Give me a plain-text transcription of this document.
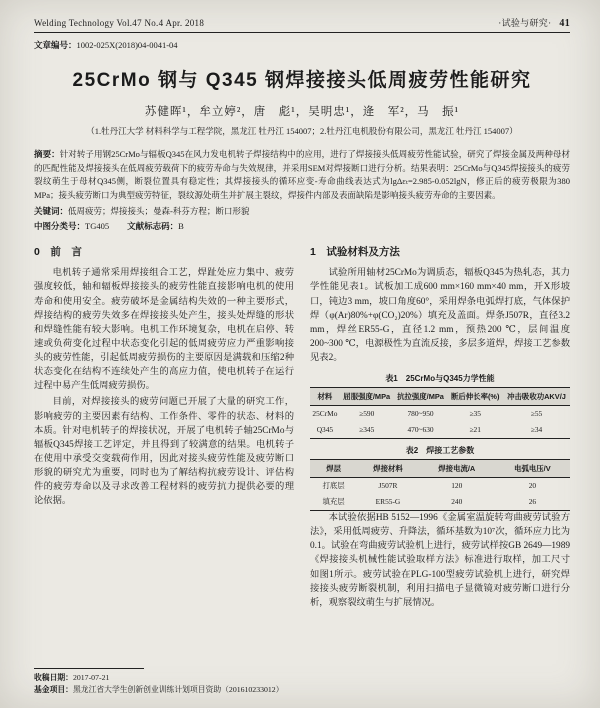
Welding Technology Vol.47 No.4 Apr. 2018	·试验与研究· 41
文章编号：1002-025X(2018)04-0041-04
25CrMo 钢与 Q345 钢焊接接头低周疲劳性能研究
苏健晖¹，牟立婷²，唐　彪¹，吴明忠¹，逄　军²，马　振¹
（1.牡丹江大学 材料科学与工程学院，黑龙江 牡丹江 154007；2.牡丹江电机股份有限公司，黑龙江 牡丹江 154007）

摘要：针对转子用钢25CrMo与辐板Q345在风力发电机转子焊接结构中的应用，进行了焊接接头低周疲劳性能试验，研究了焊接金属及两种母材的匹配性能及焊接接头在低周疲劳载荷下的疲劳寿命与失效规律，并采用SEM对焊接断口进行分析。结果表明：25CrMo与Q345焊接接头的疲劳裂纹萌生于母材Q345侧，断裂位置具有稳定性；其焊接接头的循环应变-寿命曲线表达式为lgΔεₜ=2.985-0.052lgN，修正后的疲劳极限为380 MPa；接头疲劳断口为典型疲劳特征，裂纹源处萌生并扩展主裂纹，焊接件内部及表面缺陷是影响接头疲劳寿命的主要因素。

关键词：低周疲劳；焊接接头；曼森-科芬方程；断口形貌

中图分类号：TG405 文献标志码：B

0　前　言

电机转子通常采用焊接组合工艺，焊趾处应力集中、疲劳强度较低，轴和辐板焊接接头的疲劳性能直接影响电机的使用寿命和使用安全。疲劳破坏是金属结构失效的一种主要形式，焊接结构的疲劳失效多在焊接接头处产生，接头处焊缝的形状和焊缝性能有较大影响。电机工作环境复杂，电机在启停、转速或负荷变化过程中状态变化引起的低周疲劳应力严重影响接头的疲劳性能，引起低周疲劳损伤的主要原因是满载和压缩2种状态变化在结构不连续处产生的高应力值，使电机转子在运行过程中易产生低周疲劳损伤。

目前，对焊接接头的疲劳问题已开展了大量的研究工作，影响疲劳的主要因素有结构、工作条件、零件的状态、材料的本质。针对电机转子的焊接状况，开展了电机转子轴25CrMo与辐板Q345焊接工艺评定，并且得到了较满意的结果。电机转子在使用中承受交变载荷作用，因此对接头疲劳性能及疲劳断口形貌的研究尤为重要，同时也为了解结构抗疲劳设计、评估构件的疲劳寿命以及寻求改善工程材料的疲劳抗力提供必要的理论依据。

收稿日期：2017-07-21
基金项目：黑龙江省大学生创新创业训练计划项目资助（201610233012）
1　试验材料及方法

试验所用轴材25CrMo为调质态，辐板Q345为热轧态，其力学性能见表1。试板加工成600 mm×160 mm×40 mm，开X形坡口，钝边3 mm，坡口角度60°，采用焊条电弧焊打底，气体保护焊（φ(Ar)80%+φ(CO₂)20%）填充及盖面。焊条J507R，直径3.2 mm，焊丝ER55-G，直径1.2 mm，预热200 ℃，层间温度200~300 ℃，电源极性为直流反接，多层多道焊，焊接工艺参数见表2。

表1　25CrMo与Q345力学性能
材料	屈服强度/MPa	抗拉强度/MPa	断后伸长率(%)	冲击吸收功AKV/J
25CrMo	≥590	780~950	≥35	≥55
Q345	≥345	470~630	≥21	≥34
表2　焊接工艺参数
焊层	焊接材料	焊接电流/A	电弧电压/V
打底层	J507R	120	20
填充层	ER55-G	240	26

本试验依据HB 5152—1996《金属室温旋转弯曲疲劳试验方法》，采用低周疲劳、升降法，循环基数为10⁷次，循环应力比为0.1。试验在弯曲疲劳试验机上进行，疲劳试样按GB 2649—1989《焊接接头机械性能试验取样方法》标准进行取样，加工尺寸如图1所示。疲劳试验在PLG-100型疲劳试验机上进行，研究焊接接头疲劳断裂机制，利用扫描电子显微镜对疲劳断口进行分析，观察裂纹萌生与扩展情况。
